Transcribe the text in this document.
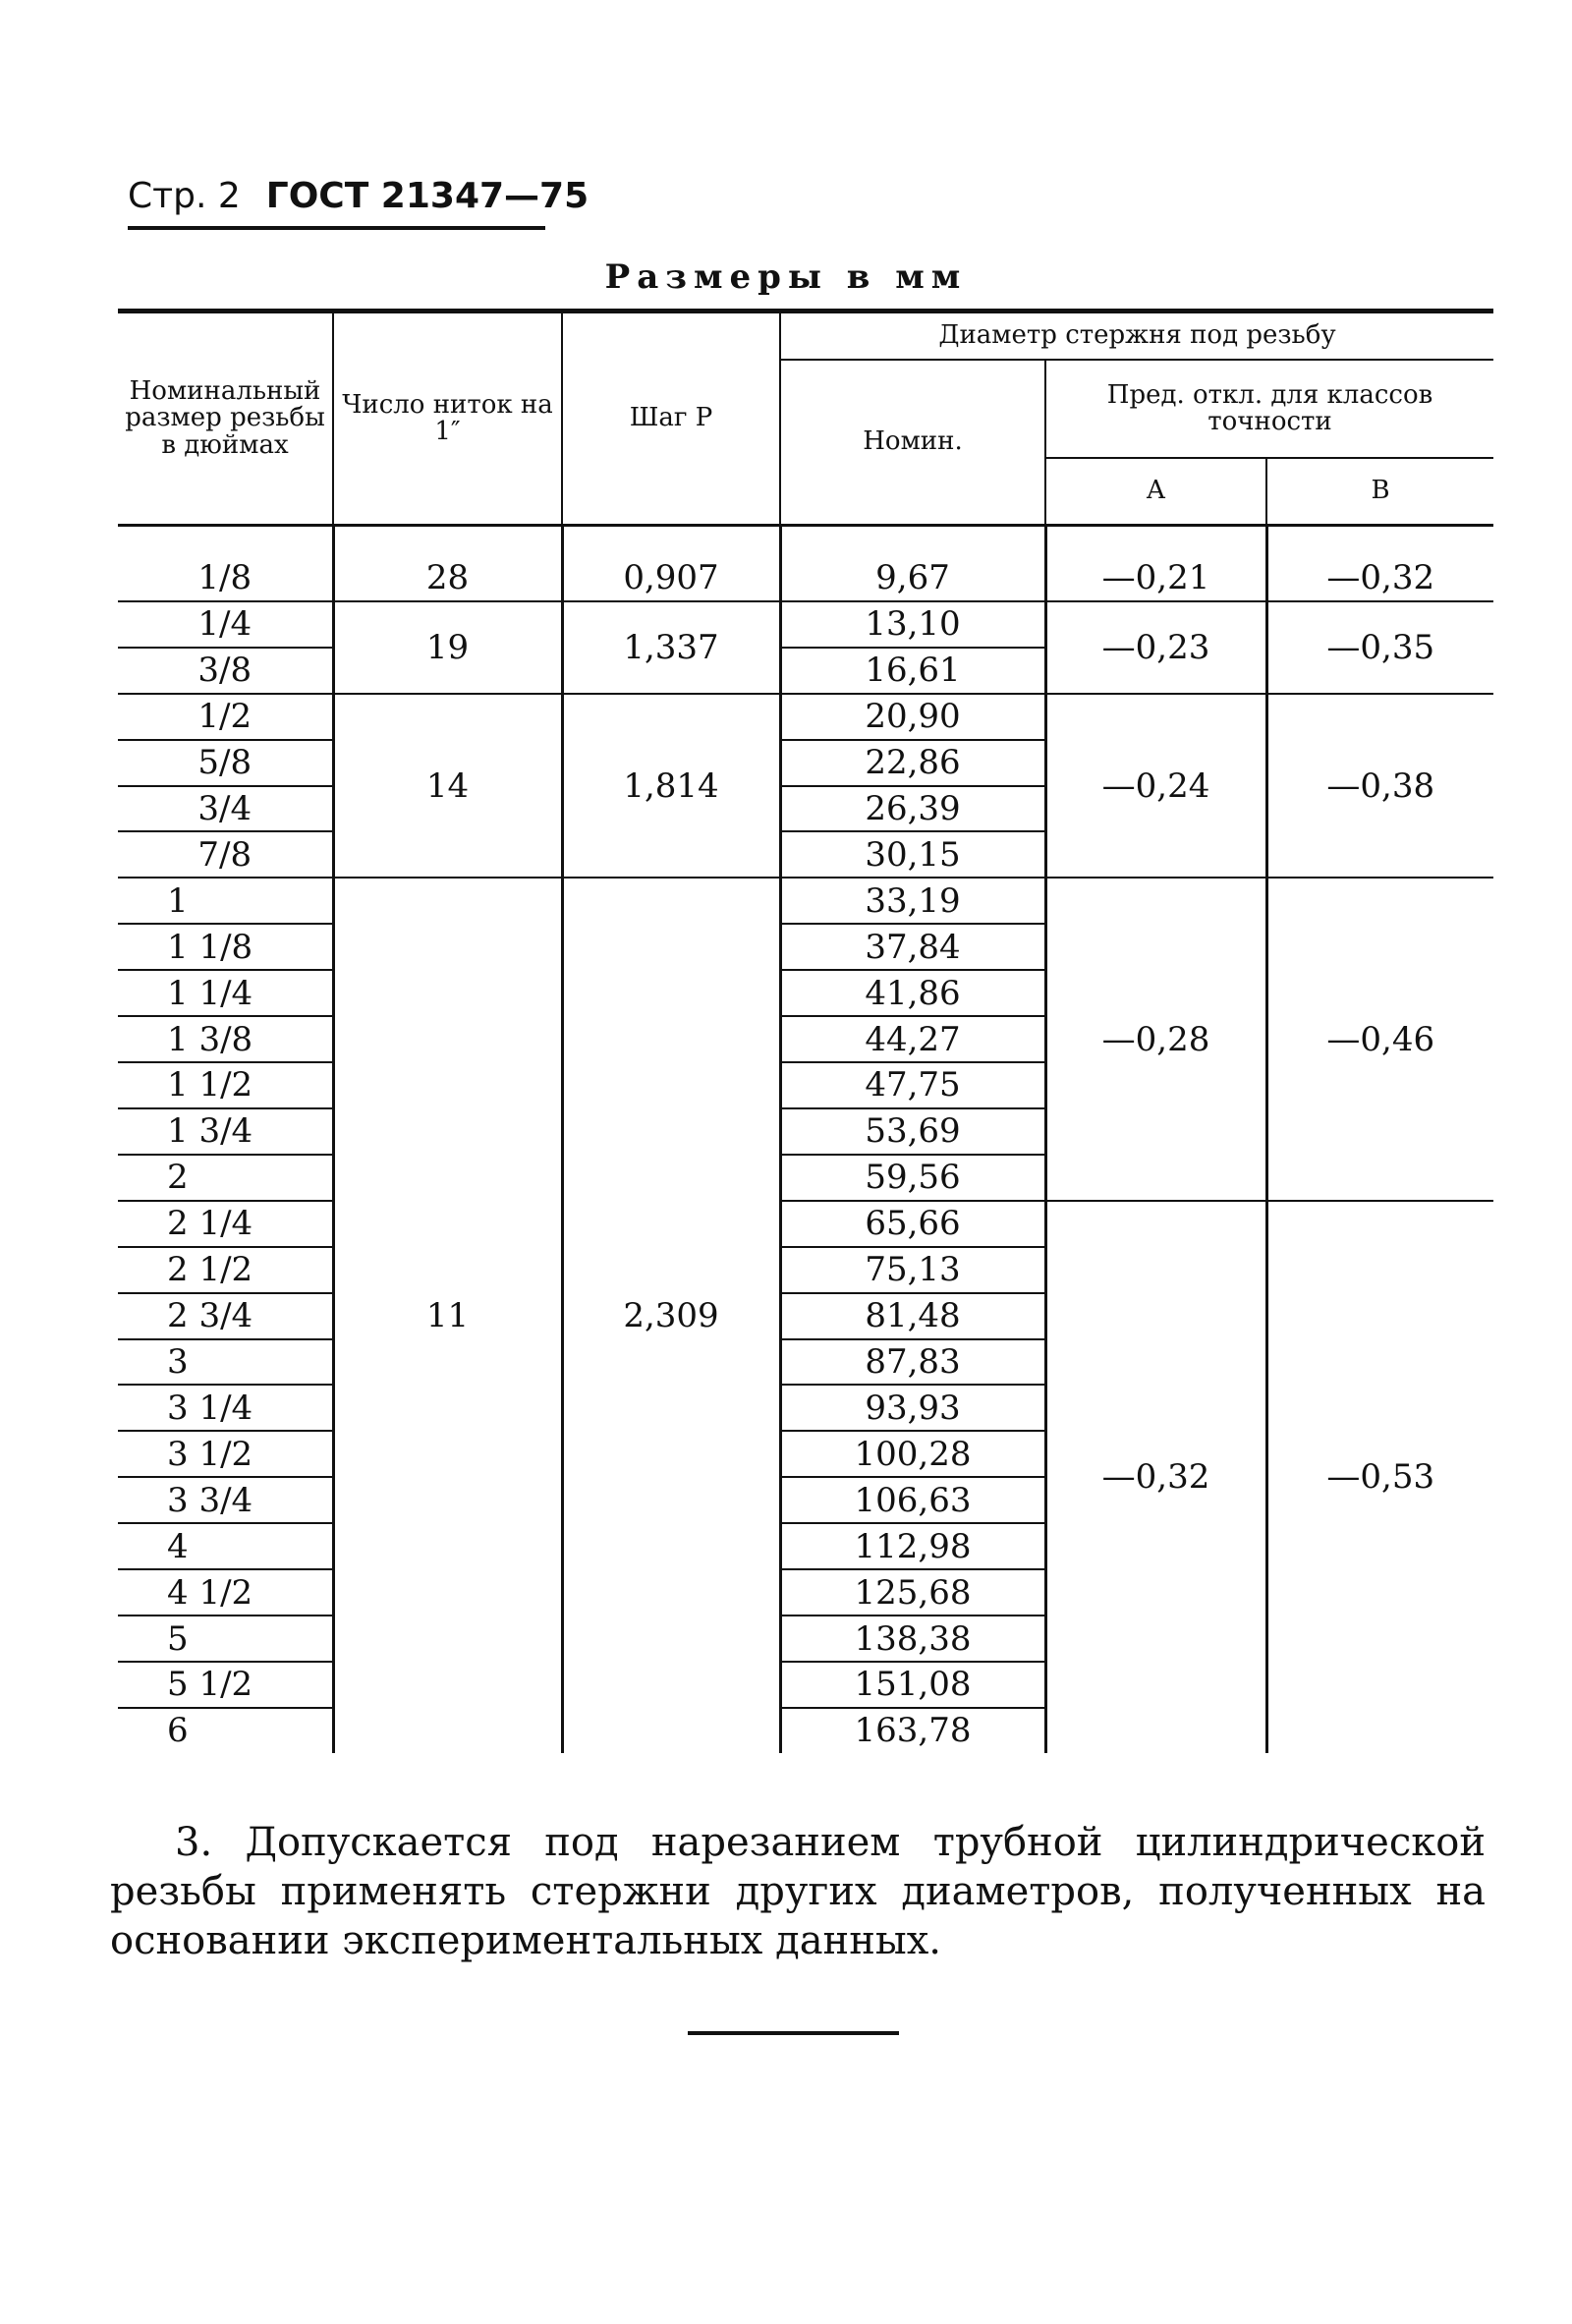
Стр. 2 ГОСТ 21347—75
Размеры в мм
Номинальный размер резьбы в дюймах	Число ниток на 1″	Шаг P	Диаметр стержня под резьбу		
			Номин.	Пред. откл. для классов точности	
				А	В

1/8	28	0,907	9,67	—0,21	—0,32
1/4	19	1,337	13,10	—0,23	—0,35
3/8			16,61		
1/2	14	1,814	20,90	—0,24	—0,38
5/8			22,86		
3/4			26,39		
7/8			30,15		
1	11	2,309	33,19	—0,28	—0,46
1 1/8			37,84		
1 1/4			41,86		
1 3/8			44,27		
1 1/2			47,75		
1 3/4			53,69		
2			59,56		
2 1/4			65,66	—0,32	—0,53
2 1/2			75,13		
2 3/4			81,48		
3			87,83		
3 1/4			93,93		
3 1/2			100,28		
3 3/4			106,63		
4			112,98		
4 1/2			125,68		
5			138,38		
5 1/2			151,08		
6			163,78		

3. Допускается под нарезанием трубной цилиндрической резьбы применять стержни других диаметров, полученных на основании экспериментальных данных.
